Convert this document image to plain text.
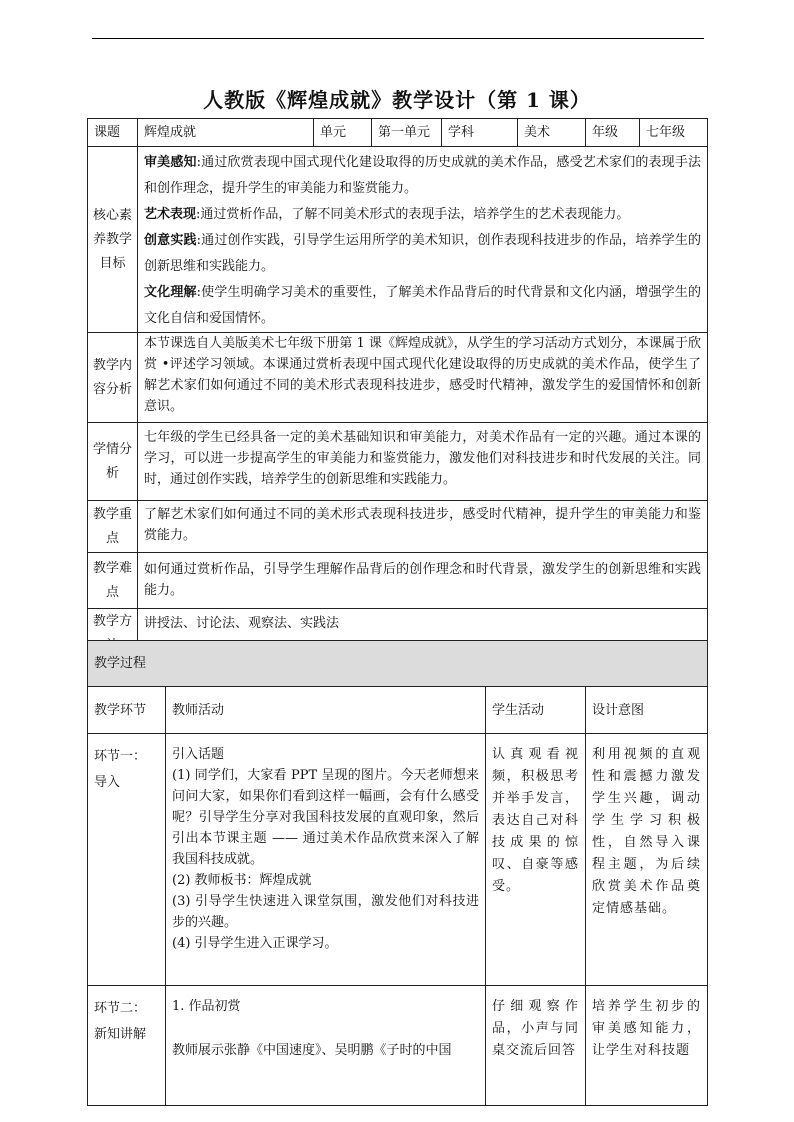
人教版《辉煌成就》教学设计（第 1 课）
课题	辉煌成就	单元	第一单元	学科	美术	年级	七年级
核心素养教学目标	审美感知:通过欣赏表现中国式现代化建设取得的历史成就的美术作品，感受艺术家们的表现手法和创作理念，提升学生的审美能力和鉴赏能力。

艺术表现:通过赏析作品，了解不同美术形式的表现手法，培养学生的艺术表现能力。

创意实践:通过创作实践，引导学生运用所学的美术知识，创作表现科技进步的作品，培养学生的创新思维和实践能力。

文化理解:使学生明确学习美术的重要性，了解美术作品背后的时代背景和文化内涵，增强学生的文化自信和爱国情怀。						

教学内容分析	本节课选自人美版美术七年级下册第 1 课《辉煌成就》，从学生的学习活动方式划分，本课属于欣赏 •评述学习领域。本课通过赏析表现中国式现代化建设取得的历史成就的美术作品，使学生了解艺术家们如何通过不同的美术形式表现科技进步，感受时代精神，激发学生的爱国情怀和创新意识。						
学情分析	七年级的学生已经具备一定的美术基础知识和审美能力，对美术作品有一定的兴趣。通过本课的学习，可以进一步提高学生的审美能力和鉴赏能力，激发他们对科技进步和时代发展的关注。同时，通过创作实践，培养学生的创新思维和实践能力。						
教学重点	了解艺术家们如何通过不同的美术形式表现科技进步，感受时代精神，提升学生的审美能力和鉴赏能力。						
教学难点	如何通过赏析作品，引导学生理解作品背后的创作理念和时代背景，激发学生的创新思维和实践能力。						
教学方	讲授法、讨论法、观察法、实践法						
教学过程			
教学环节	教师活动	学生活动	设计意图
环节一：
导入	引入话题
(1) 同学们，大家看 PPT 呈现的图片。今天老师想来问问大家，如果你们看到这样一幅画，会有什么感受呢？引导学生分享对我国科技发展的直观印象，然后引出本节课主题 —— 通过美术作品欣赏来深入了解我国科技成就。
(2) 教师板书：辉煌成就
(3) 引导学生快速进入课堂氛围，激发他们对科技进步的兴趣。
(4) 引导学生进入正课学习。	认真观看视频，积极思考并举手发言，表达自己对科技成果的惊叹、自豪等感受。	利用视频的直观性和震撼力激发学生兴趣，调动学生学习积极性，自然导入课程主题，为后续欣赏美术作品奠定情感基础。
环节二：
新知讲解	1. 作品初赏

教师展示张静《中国速度》、吴明鹏《子时的中国	仔细观察作品，小声与同桌交流后回答	培养学生初步的审美感知能力，让学生对科技题
